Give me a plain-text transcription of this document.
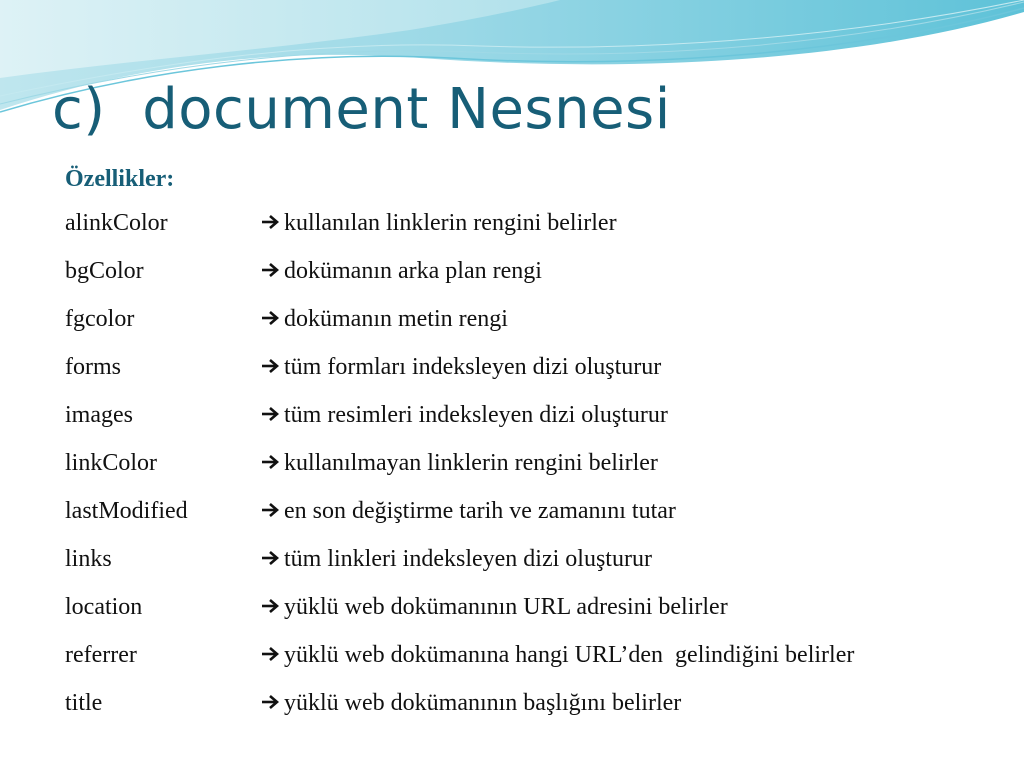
c)  document Nesnesi
Özellikler:
alinkColor	kullanılan linklerin rengini belirler
bgColor	dokümanın arka plan rengi
fgcolor	dokümanın metin rengi
forms	tüm formları indeksleyen dizi oluşturur
images	tüm resimleri indeksleyen dizi oluşturur
linkColor	kullanılmayan linklerin rengini belirler
lastModified	en son değiştirme tarih ve zamanını tutar
links	tüm linkleri indeksleyen dizi oluşturur
location	yüklü web dokümanının URL adresini belirler
referrer	yüklü web dokümanına hangi URL’den  gelindiğini belirler
title	yüklü web dokümanının başlığını belirler
